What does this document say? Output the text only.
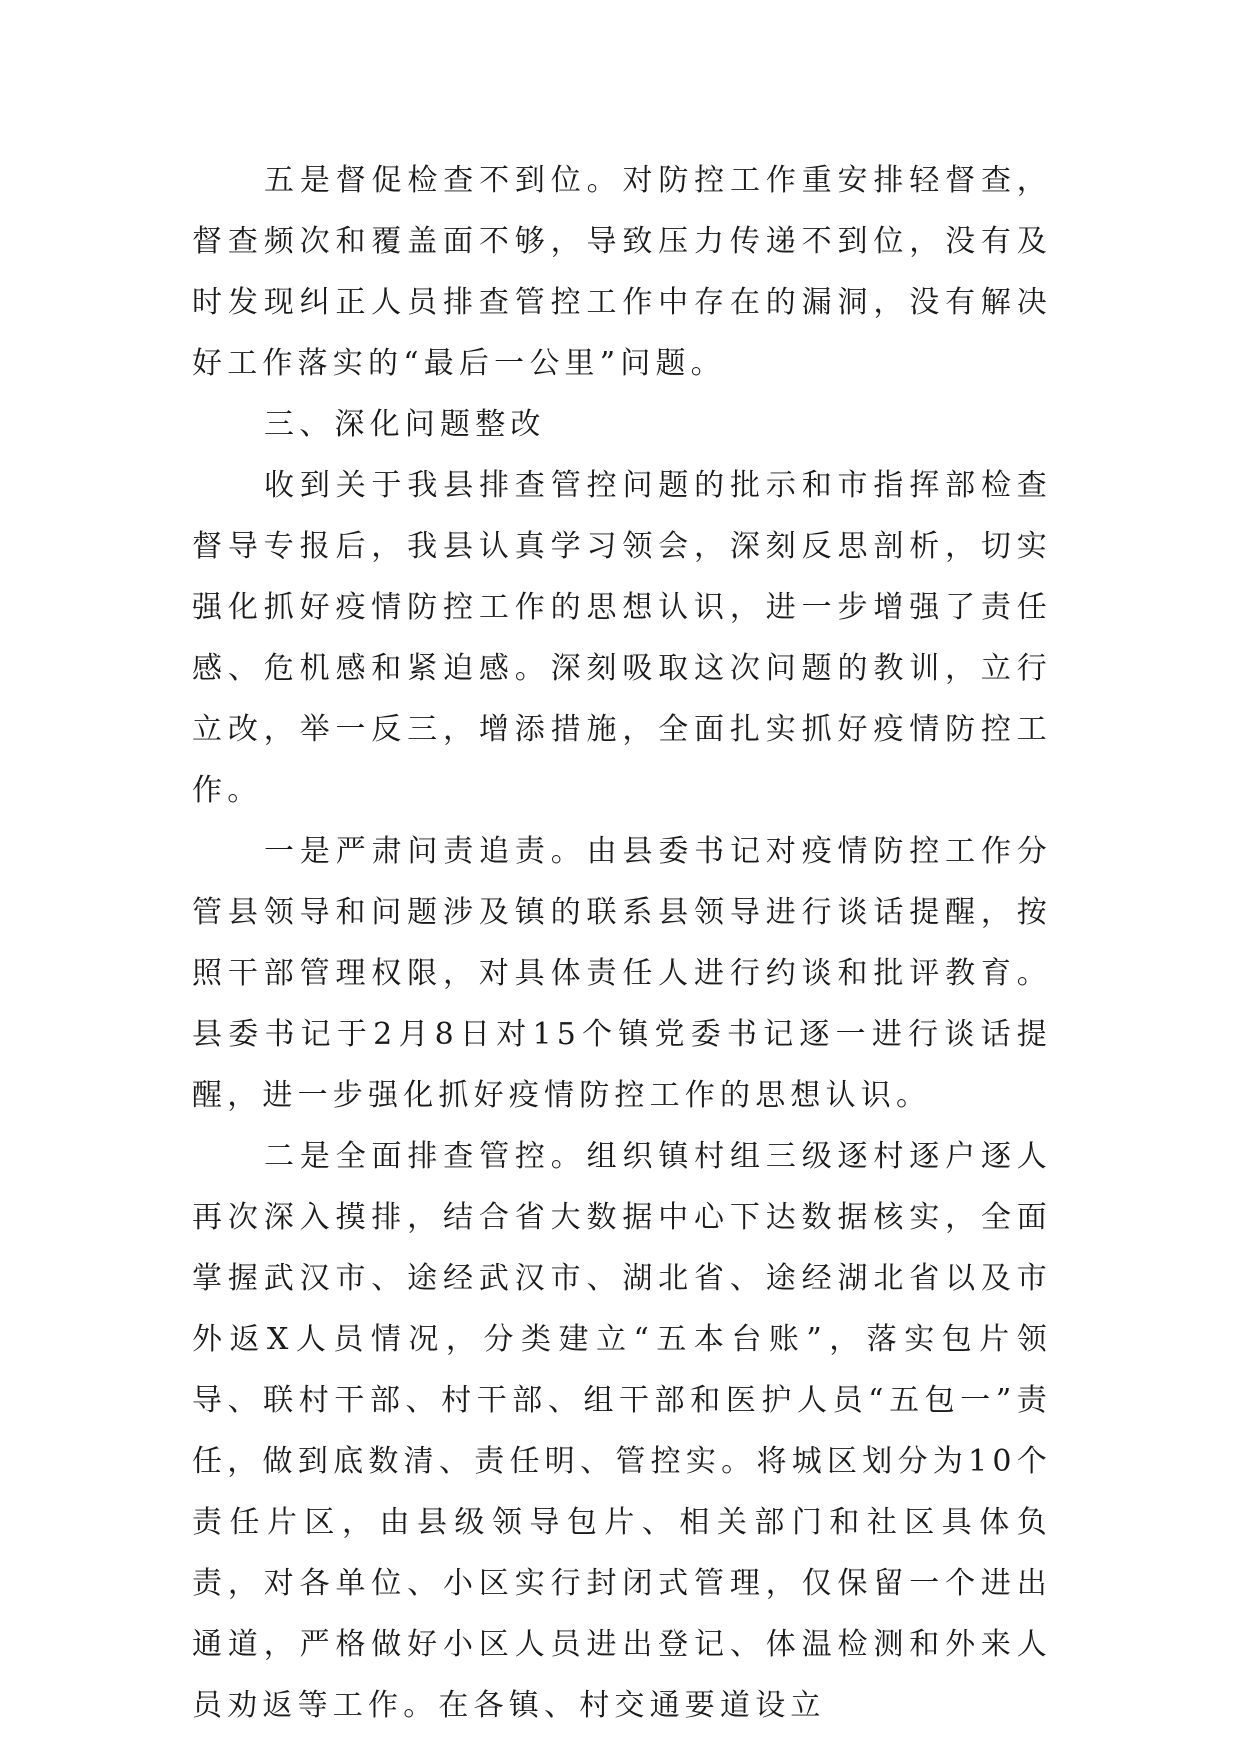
五是督促检查不到位。对防控工作重安排轻督查，督查频次和覆盖面不够，导致压力传递不到位，没有及时发现纠正人员排查管控工作中存在的漏洞，没有解决好工作落实的“最后一公里”问题。

三、深化问题整改

收到关于我县排查管控问题的批示和市指挥部检查督导专报后，我县认真学习领会，深刻反思剖析，切实强化抓好疫情防控工作的思想认识，进一步增强了责任感、危机感和紧迫感。深刻吸取这次问题的教训，立行立改，举一反三，增添措施，全面扎实抓好疫情防控工作。

一是严肃问责追责。由县委书记对疫情防控工作分管县领导和问题涉及镇的联系县领导进行谈话提醒，按照干部管理权限，对具体责任人进行约谈和批评教育。县委书记于2月8日对15个镇党委书记逐一进行谈话提醒，进一步强化抓好疫情防控工作的思想认识。

二是全面排查管控。组织镇村组三级逐村逐户逐人再次深入摸排，结合省大数据中心下达数据核实，全面掌握武汉市、途经武汉市、湖北省、途经湖北省以及市外返X人员情况，分类建立“五本台账”，落实包片领导、联村干部、村干部、组干部和医护人员“五包一”责任，做到底数清、责任明、管控实。将城区划分为10个责任片区，由县级领导包片、相关部门和社区具体负责，对各单位、小区实行封闭式管理，仅保留一个进出通道，严格做好小区人员进出登记、体温检测和外来人员劝返等工作。在各镇、村交通要道设立
